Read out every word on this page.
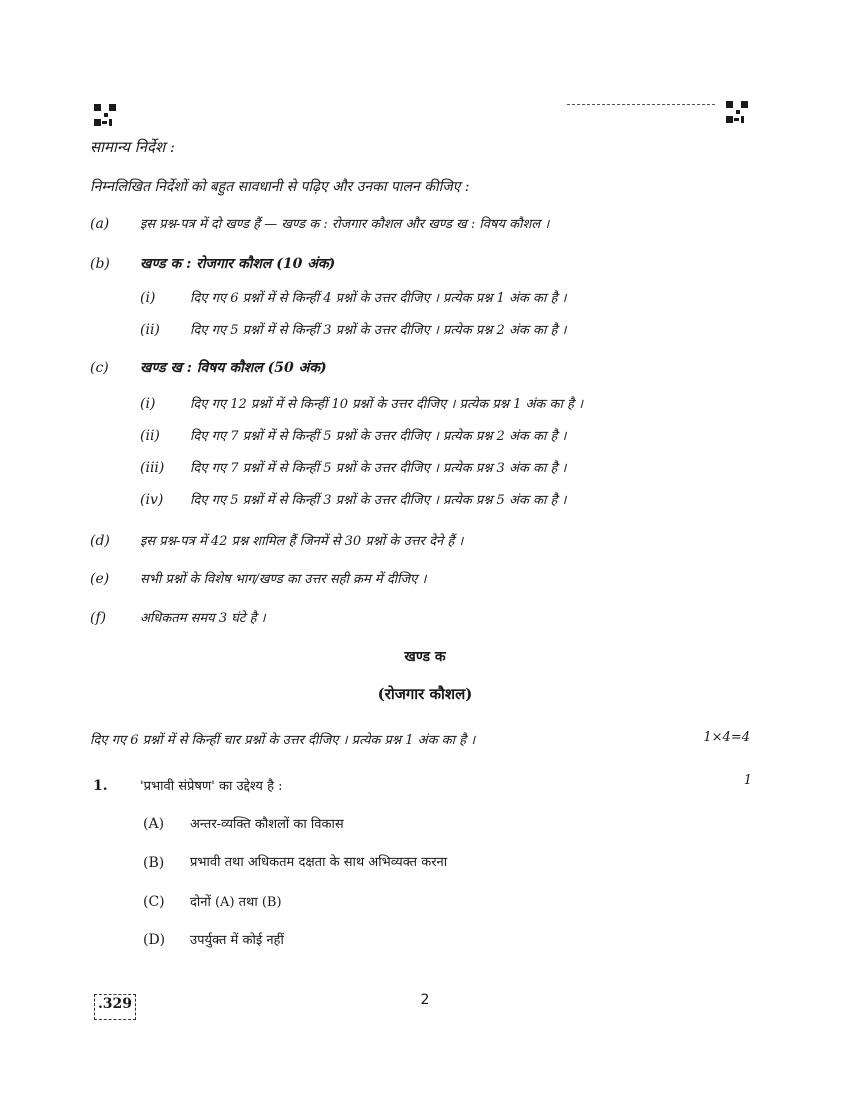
सामान्य निर्देश :
निम्नलिखित निर्देशों को बहुत सावधानी से पढ़िए और उनका पालन कीजिए :
(a) इस प्रश्न-पत्र में दो खण्ड हैं — खण्ड क : रोजगार कौशल और खण्ड ख : विषय कौशल ।
(b) खण्ड क : रोजगार कौशल (10 अंक)
(i)	दिए गए 6 प्रश्नों में से किन्हीं 4 प्रश्नों के उत्तर दीजिए । प्रत्येक प्रश्न 1 अंक का है ।
(ii) दिए गए 5 प्रश्नों में से किन्हीं 3 प्रश्नों के उत्तर दीजिए । प्रत्येक प्रश्न 2 अंक का है ।
(c) खण्ड ख : विषय कौशल (50 अंक)
(i)	दिए गए 12 प्रश्नों में से किन्हीं 10 प्रश्नों के उत्तर दीजिए । प्रत्येक प्रश्न 1 अंक का है ।
(ii) दिए गए 7 प्रश्नों में से किन्हीं 5 प्रश्नों के उत्तर दीजिए । प्रत्येक प्रश्न 2 अंक का है ।
(iii) दिए गए 7 प्रश्नों में से किन्हीं 5 प्रश्नों के उत्तर दीजिए । प्रत्येक प्रश्न 3 अंक का है ।
(iv) दिए गए 5 प्रश्नों में से किन्हीं 3 प्रश्नों के उत्तर दीजिए । प्रत्येक प्रश्न 5 अंक का है ।
(d) इस प्रश्न-पत्र में 42 प्रश्न शामिल हैं जिनमें से 30 प्रश्नों के उत्तर देने हैं ।
(e) सभी प्रश्नों के विशेष भाग/खण्ड का उत्तर सही क्रम में दीजिए ।
(f)	अधिकतम समय 3 घंटे है ।
खण्ड क
(रोजगार कौशल)
दिए गए 6 प्रश्नों में से किन्हीं चार प्रश्नों के उत्तर दीजिए । प्रत्येक प्रश्न 1 अंक का है ।	1×4=4
1. 'प्रभावी संप्रेषण' का उद्देश्य है :	1
(A) अन्तर-व्यक्ति कौशलों का विकास
(B) प्रभावी तथा अधिकतम दक्षता के साथ अभिव्यक्त करना
(C) दोनों (A) तथा (B)
(D) उपर्युक्त में कोई नहीं
.329	2
